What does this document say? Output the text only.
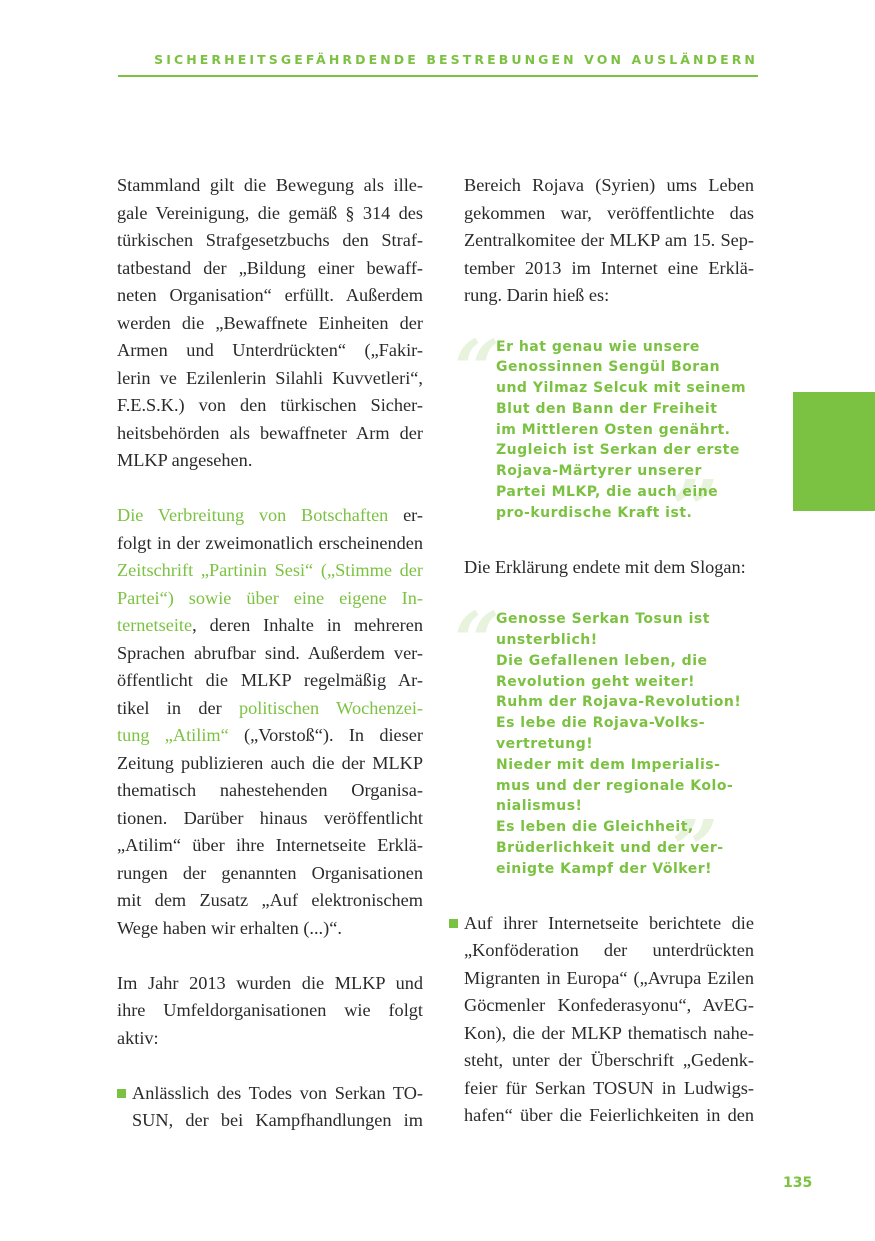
SICHERHEITSGEFÄHRDENDE BESTREBUNGEN VON AUSLÄNDERN

Stammland gilt die Bewegung als ille-
gale Vereinigung, die gemäß § 314 des
türkischen Strafgesetzbuchs den Straf-
tatbestand der „Bildung einer bewaff-
neten Organisation“ erfüllt. Außerdem
werden die „Bewaffnete Einheiten der
Armen und Unterdrückten“ („Fakir-
lerin ve Ezilenlerin Silahli Kuvvetleri“,
F.E.S.K.) von den türkischen Sicher-
heitsbehörden als bewaffneter Arm der
MLKP angesehen.

Die Verbreitung von Botschaften er-
folgt in der zweimonatlich erscheinenden
Zeitschrift „Partinin Sesi“ („Stimme der
Partei“) sowie über eine eigene In-
ternetseite, deren Inhalte in mehreren
Sprachen abrufbar sind. Außerdem ver-
öffentlicht die MLKP regelmäßig Ar-
tikel in der politischen Wochenzei-
tung „Atilim“ („Vorstoß“). In dieser
Zeitung publizieren auch die der MLKP
thematisch nahestehenden Organisa-
tionen. Darüber hinaus veröffentlicht
„Atilim“ über ihre Internetseite Erklä-
rungen der genannten Organisationen
mit dem Zusatz „Auf elektronischem
Wege haben wir erhalten (...)“.

Im Jahr 2013 wurden die MLKP und
ihre Umfeldorganisationen wie folgt
aktiv:

Anlässlich des Todes von Serkan TO-
SUN, der bei Kampfhandlungen im

Bereich Rojava (Syrien) ums Leben
gekommen war, veröffentlichte das
Zentralkomitee der MLKP am 15. Sep-
tember 2013 im Internet eine Erklä-
rung. Darin hieß es:

“
”
Er hat genau wie unsere
Genossinnen Sengül Boran
und Yilmaz Selcuk mit seinem
Blut den Bann der Freiheit
im Mittleren Osten genährt.
Zugleich ist Serkan der erste
Rojava-Märtyrer unserer
Partei MLKP, die auch eine
pro-kurdische Kraft ist.

Die Erklärung endete mit dem Slogan:

“
”
Genosse Serkan Tosun ist
unsterblich!
Die Gefallenen leben, die
Revolution geht weiter!
Ruhm der Rojava-Revolution!
Es lebe die Rojava-Volks-
vertretung!
Nieder mit dem Imperialis-
mus und der regionale Kolo-
nialismus!
Es leben die Gleichheit,
Brüderlichkeit und der ver-
einigte Kampf der Völker!
Auf ihrer Internetseite berichtete die
„Konföderation der unterdrückten
Migranten in Europa“ („Avrupa Ezilen
Göcmenler Konfederasyonu“, AvEG-
Kon), die der MLKP thematisch nahe-
steht, unter der Überschrift „Gedenk-
feier für Serkan TOSUN in Ludwigs-
hafen“ über die Feierlichkeiten in den
135
